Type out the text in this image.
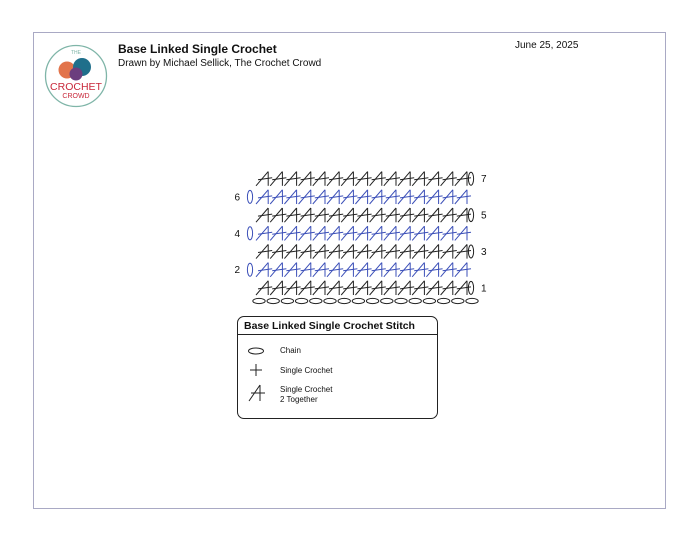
THE
CROCHET
CROWD
Base Linked Single Crochet
Drawn by Michael Sellick, The Crochet Crowd
June 25, 2025
1
2
3
4
5
6
7
Base Linked Single Crochet Stitch
Chain
Single Crochet
Single Crochet
2 Together
